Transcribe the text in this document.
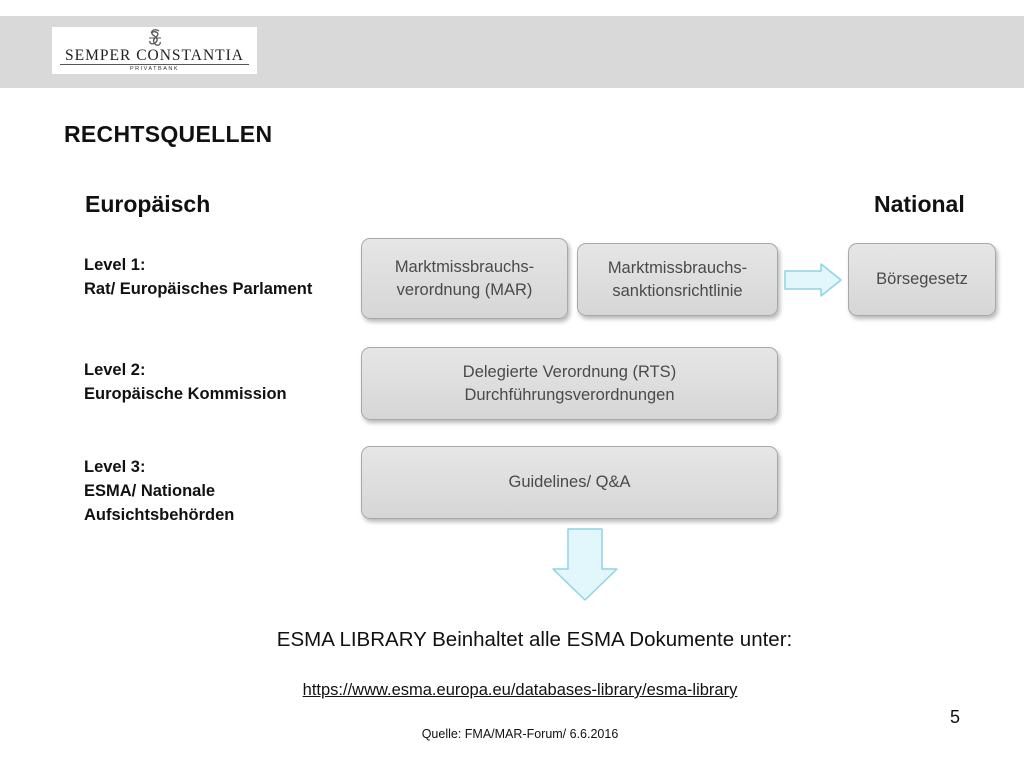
SEMPER CONSTANTIA
PRIVATBANK
RECHTSQUELLEN
Europäisch	National
Level 1:
Rat/ Europäisches Parlament
Level 2:
Europäische Kommission
Level 3:
ESMA/ Nationale
Aufsichtsbehörden
Marktmissbrauchs-
verordnung (MAR)
Marktmissbrauchs-
sanktionsrichtlinie
Börsegesetz
Delegierte Verordnung (RTS)
Durchführungsverordnungen
Guidelines/ Q&A
ESMA LIBRARY Beinhaltet alle ESMA Dokumente unter:
https://www.esma.europa.eu/databases-library/esma-library
5
Quelle: FMA/MAR-Forum/ 6.6.2016
